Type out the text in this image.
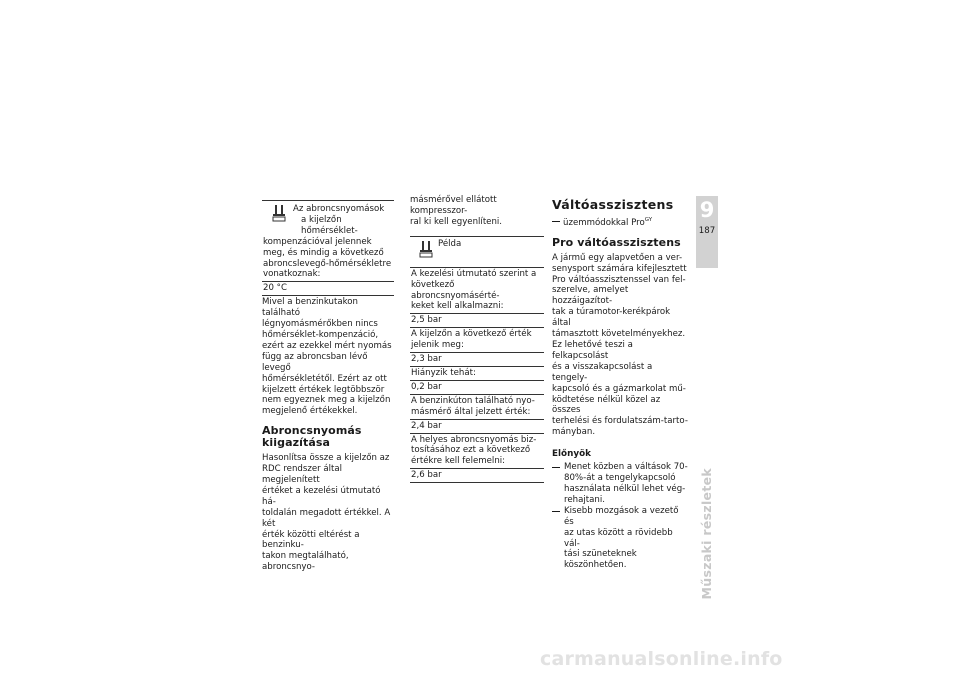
Az abroncsnyomások

a kijelzőn hőmérséklet-

kompenzációval jelennek

meg, és mindig a következő

abroncslevegő-hőmérsékletre

vonatkoznak:

20 °C

Mivel a benzinkutakon található

légnyomásmérőkben nincs

hőmérséklet-kompenzáció,

ezért az ezekkel mért nyomás

függ az abroncsban lévő levegő

hőmérsékletétől. Ezért az ott

kijelzett értékek legtöbbször

nem egyeznek meg a kijelzőn

megjelenő értékekkel.

Abroncsnyomás

kiigazítása

Hasonlítsa össze a kijelzőn az

RDC rendszer által megjelenített

értéket a kezelési útmutató há-

toldalán megadott értékkel. A két

érték közötti eltérést a benzinku-

takon megtalálható, abroncsnyo-

másmérővel ellátott kompresszor-

ral ki kell egyenlíteni.

Példa

A kezelési útmutató szerint a

következő abroncsnyomásérté-

keket kell alkalmazni:

2,5 bar

A kijelzőn a következő érték

jelenik meg:

2,3 bar

Hiányzik tehát:

0,2 bar

A benzinkúton található nyo-

másmérő által jelzett érték:

2,4 bar

A helyes abroncsnyomás biz-

tosításához ezt a következő

értékre kell felemelni:

2,6 bar

Váltóasszisztens
üzemmódokkal Pro$^{GY}$
Pro váltóasszisztens

A jármű egy alapvetően a ver-

senysport számára kifejlesztett

Pro váltóasszisztenssel van fel-

szerelve, amelyet hozzáigazítot-

tak a túramotor-kerékpárok által

támasztott követelményekhez.

Ez lehetővé teszi a felkapcsolást

és a visszakapcsolást a tengely-

kapcsoló és a gázmarkolat mű-

ködtetése nélkül közel az összes

terhelési és fordulatszám-tarto-

mányban.

Előnyök

Menet közben a váltások 70-

80%-át a tengelykapcsoló

használata nélkül lehet vég-

rehajtani.

Kisebb mozgások a vezető és

az utas között a rövidebb vál-

tási szüneteknek köszönhetően.

9
187
Műszaki részletek
carmanualsonline.info
